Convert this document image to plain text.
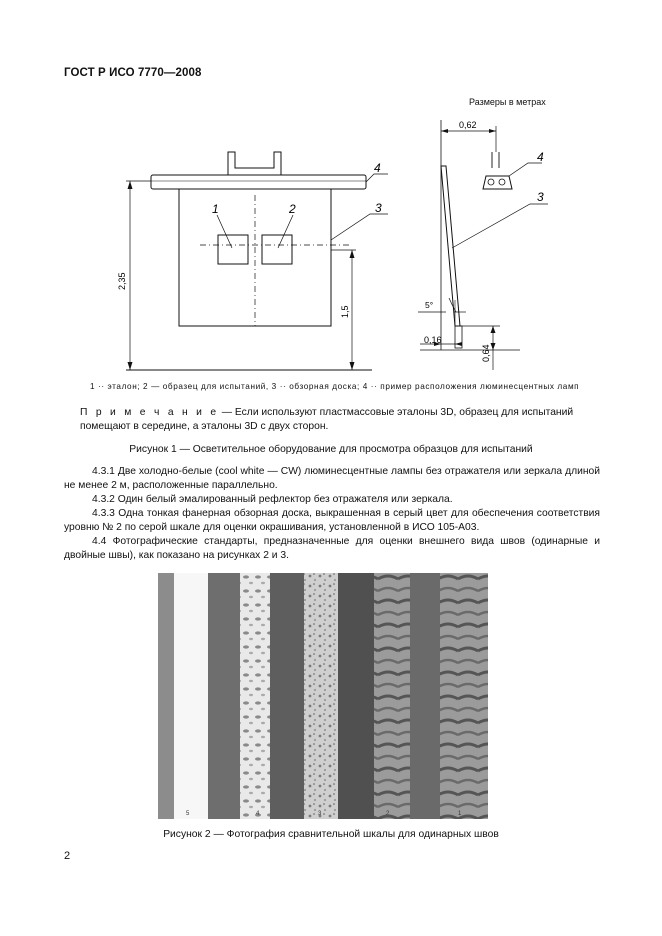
ГОСТ Р ИСО 7770—2008
Размеры в метрах
2,35
1,5
0,62
0,16
0,64
5°
1	2
4
3
4
3
1 ·· эталон; 2 — образец для испытаний, 3 ·· обзорная доска; 4 ·· пример расположения люминесцентных ламп
П р и м е ч а н и е — Если используют пластмассовые эталоны 3D, образец для испытаний помещают в середине, а эталоны 3D с двух сторон.
Рисунок 1 — Осветительное оборудование для просмотра образцов для испытаний
4.3.1 Две холодно-белые (cool white — CW) люминесцентные лампы без отражателя или зеркала длиной не менее 2 м, расположенные параллельно.
4.3.2 Один белый эмалированный рефлектор без отражателя или зеркала.
4.3.3 Одна тонкая фанерная обзорная доска, выкрашенная в серый цвет для обеспечения соответствия уровню № 2 по серой шкале для оценки окрашивания, установленной в ИСО 105-А03.
4.4 Фотографические стандарты, предназначенные для оценки внешнего вида швов (одинарные и двойные швы), как показано на рисунках 2 и 3.
5	4	3	2	1
Рисунок 2 — Фотография сравнительной шкалы для одинарных швов
2
